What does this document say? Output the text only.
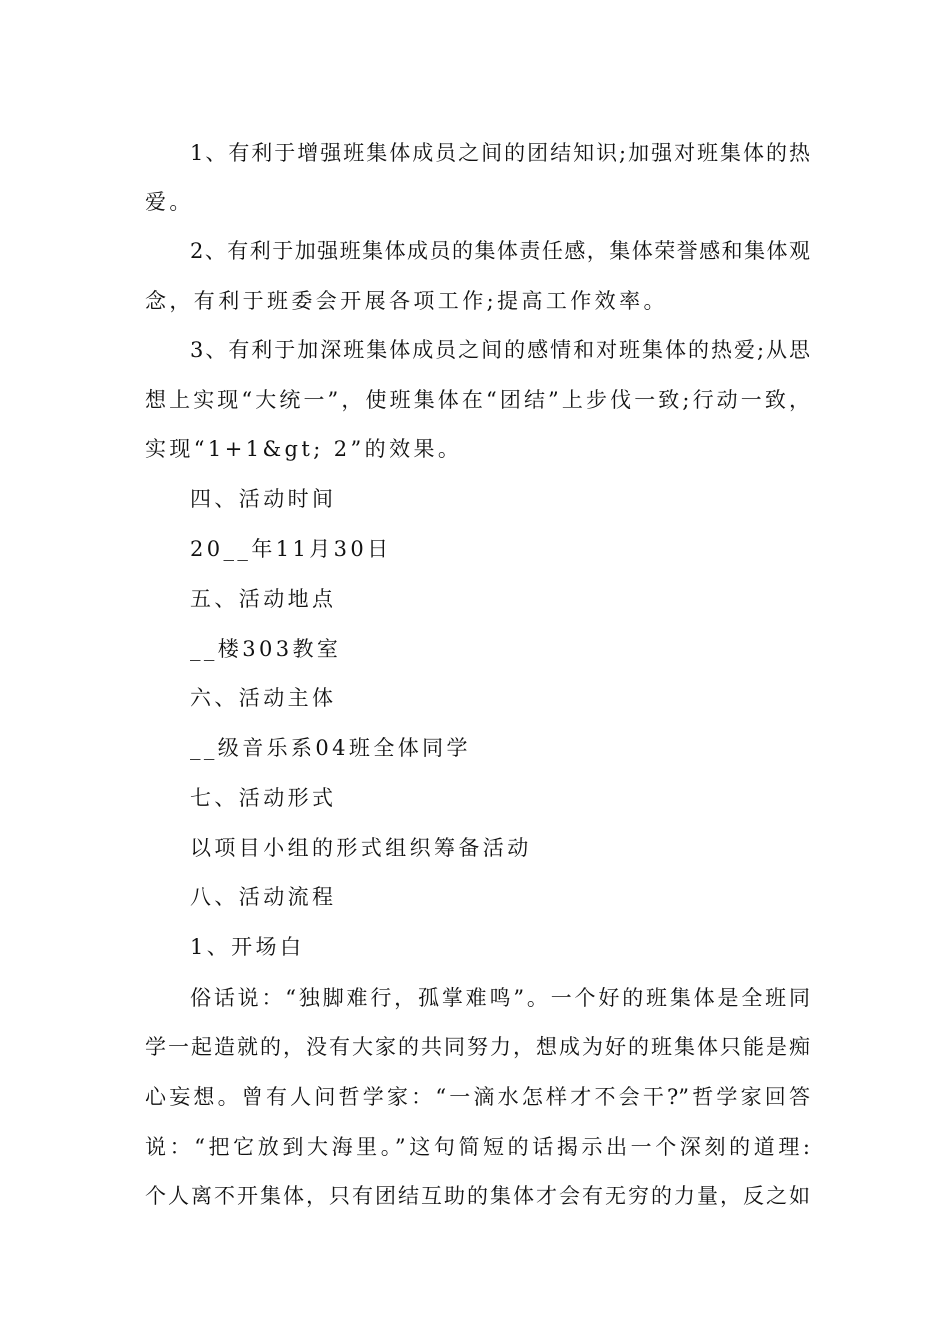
1、有利于增强班集体成员之间的团结知识;加强对班集体的热
爱。
2、有利于加强班集体成员的集体责任感，集体荣誉感和集体观
念，有利于班委会开展各项工作;提高工作效率。
3、有利于加深班集体成员之间的感情和对班集体的热爱;从思
想上实现“大统一”，使班集体在“团结”上步伐一致;行动一致，
实现“1+1&gt; 2”的效果。
四、活动时间
20__年11月30日
五、活动地点
__楼303教室
六、活动主体
__级音乐系04班全体同学
七、活动形式
以项目小组的形式组织筹备活动
八、活动流程
1、开场白
俗话说：“独脚难行，孤掌难鸣”。一个好的班集体是全班同
学一起造就的，没有大家的共同努力，想成为好的班集体只能是痴
心妄想。曾有人问哲学家：“一滴水怎样才不会干?”哲学家回答
说：“把它放到大海里。”这句简短的话揭示出一个深刻的道理:
个人离不开集体，只有团结互助的集体才会有无穷的力量，反之如
